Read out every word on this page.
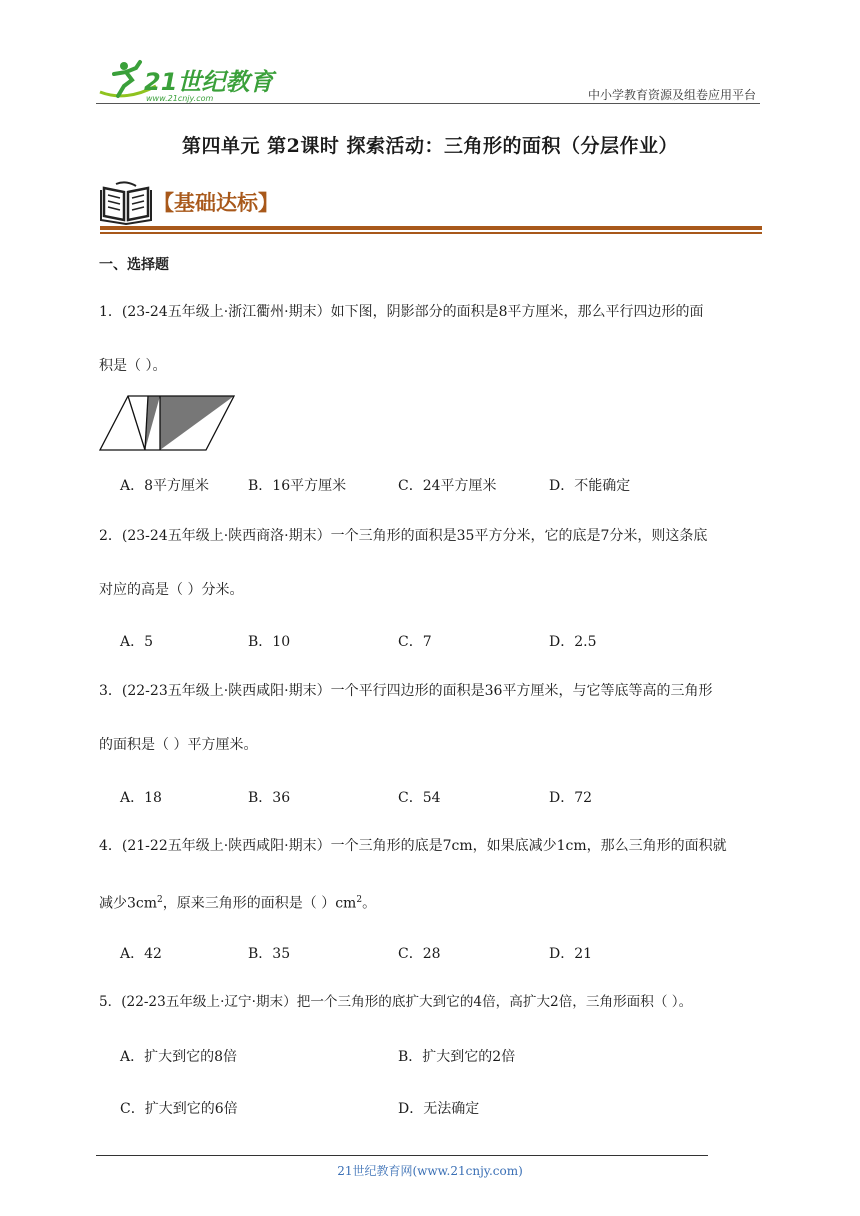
21世纪教育
www.21cnjy.com	中小学教育资源及组卷应用平台
第四单元 第2课时 探索活动：三角形的面积（分层作业）
【基础达标】
一、选择题
1．(23-24五年级上·浙江衢州·期末）如下图，阴影部分的面积是8平方厘米，那么平行四边形的面
积是（ ）。
A．8平方厘米	B．16平方厘米	C．24平方厘米	D．不能确定
2．(23-24五年级上·陕西商洛·期末）一个三角形的面积是35平方分米，它的底是7分米，则这条底
对应的高是（ ）分米。
A．5	B．10	C．7	D．2.5
3．(22-23五年级上·陕西咸阳·期末）一个平行四边形的面积是36平方厘米，与它等底等高的三角形
的面积是（ ）平方厘米。
A．18	B．36	C．54	D．72
4．(21-22五年级上·陕西咸阳·期末）一个三角形的底是7cm，如果底减少1cm，那么三角形的面积就
减少$3cm^2$，原来三角形的面积是（ ）$cm^2$。
A．42	B．35	C．28	D．21
5．(22-23五年级上·辽宁·期末）把一个三角形的底扩大到它的4倍，高扩大2倍，三角形面积（ ）。
A．扩大到它的8倍	B．扩大到它的2倍
C．扩大到它的6倍	D．无法确定
21世纪教育网(www.21cnjy.com)
